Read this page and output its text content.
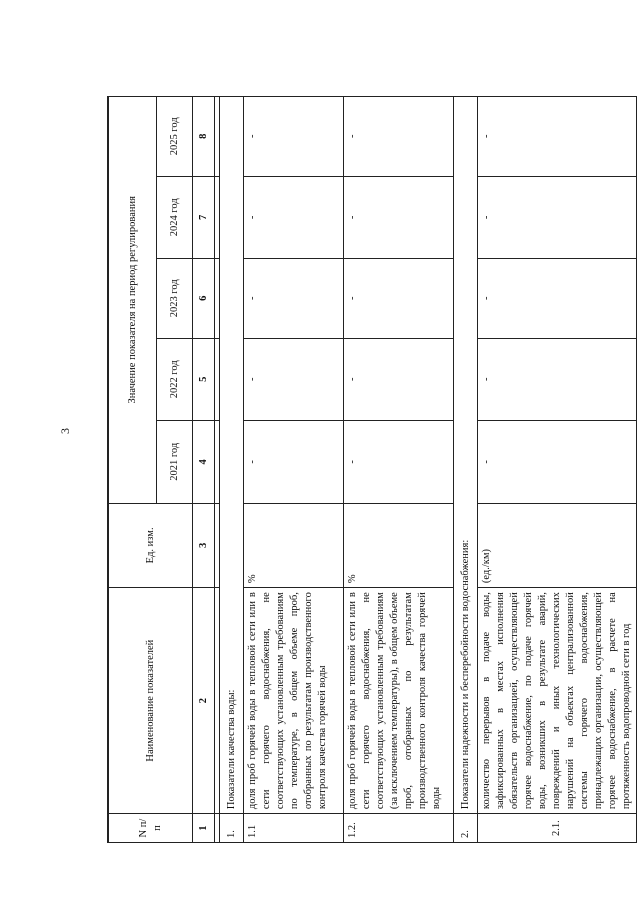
3
N п/п	Наименование показателей	Ед. изм.	Значение показателя на период регулирования				
			2021 год	2022 год	2023 год	2024 год	2025 год
1	2	3	4	5	6	7	8

1.	Показатели качества воды:						
1.1	доля проб горячей воды в тепловой сети или в сети горячего водоснабжения, не соответствующих установленным требованиям по температуре, в общем объеме проб, отобранных по результатам производственного контроля качества горячей воды	%	-	-	-	-	-
1.2.	доля проб горячей воды в тепловой сети или в сети горячего водоснабжения, не соответствующих установленным требованиям (за исключением температуры), в общем объеме проб, отобранных по результатам производственного контроля качества горячей воды	%	-	-	-	-	-
2.	Показатели надежности и бесперебойности водоснабжения:						
2.1.	количество перерывов в подаче воды, зафиксированных в местах исполнения обязательств организацией, осуществляющей горячее водоснабжение, по подаче горячей воды, возникших в результате аварий, повреждений и иных технологических нарушений на объектах централизованной системы горячего водоснабжения, принадлежащих организации, осуществляющей горячее водоснабжение, в расчете на протяженность водопроводной сети в год	(ед./км)	-	-	-	-	-
